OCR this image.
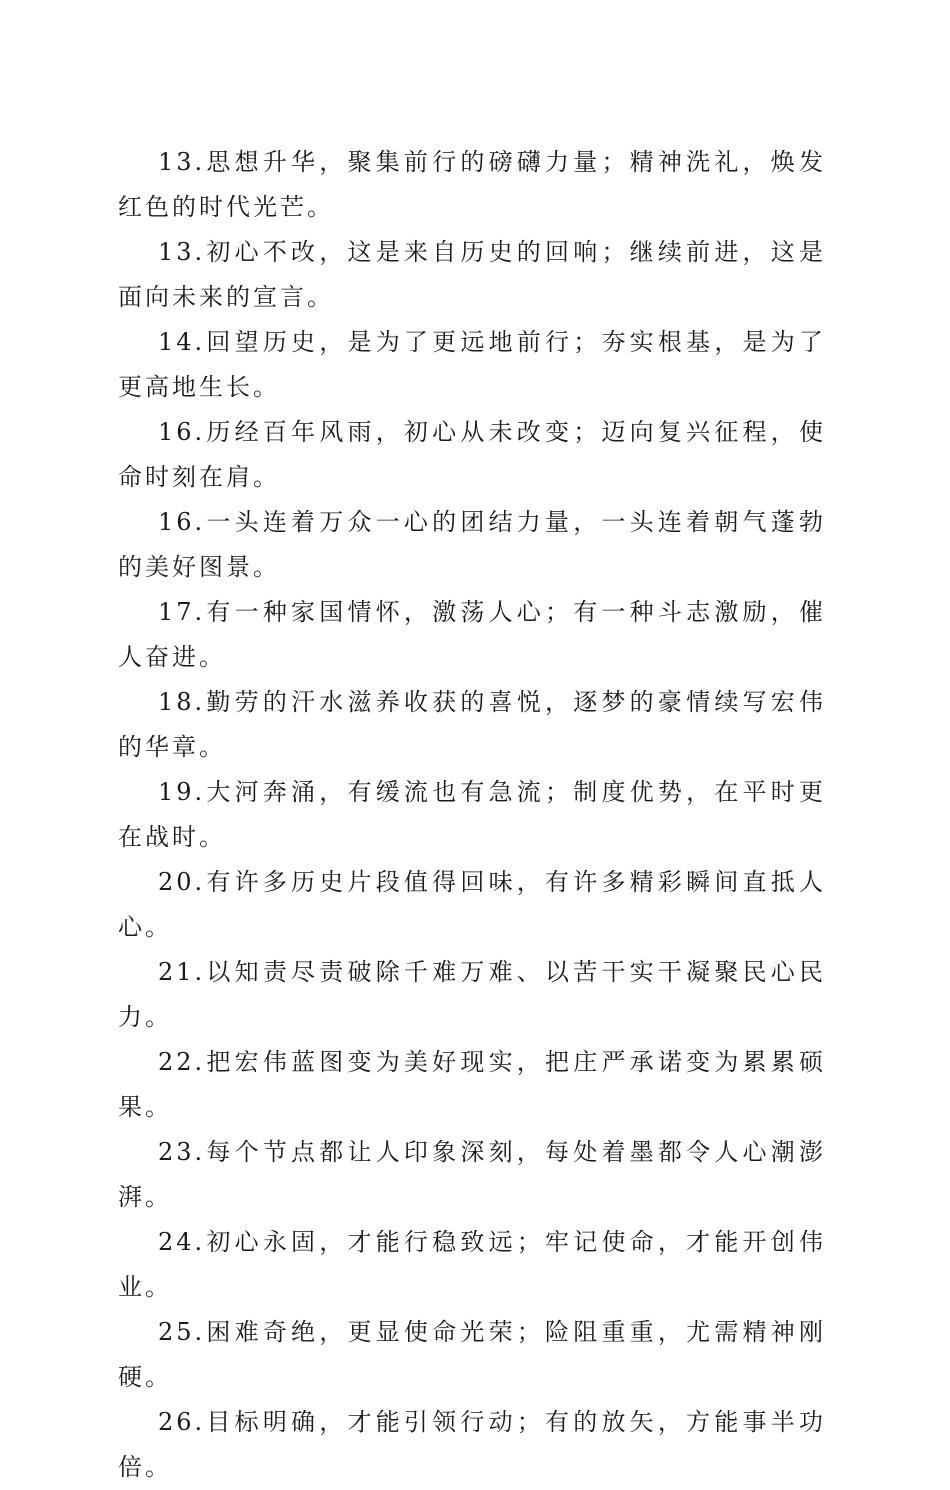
13.思想升华，聚集前行的磅礴力量；精神洗礼，焕发红色的时代光芒。

13.初心不改，这是来自历史的回响；继续前进，这是面向未来的宣言。

14.回望历史，是为了更远地前行；夯实根基，是为了更高地生长。

16.历经百年风雨，初心从未改变；迈向复兴征程，使命时刻在肩。

16.一头连着万众一心的团结力量，一头连着朝气蓬勃的美好图景。

17.有一种家国情怀，激荡人心；有一种斗志激励，催人奋进。

18.勤劳的汗水滋养收获的喜悦，逐梦的豪情续写宏伟的华章。

19.大河奔涌，有缓流也有急流；制度优势，在平时更在战时。

20.有许多历史片段值得回味，有许多精彩瞬间直抵人心。

21.以知责尽责破除千难万难、以苦干实干凝聚民心民力。

22.把宏伟蓝图变为美好现实，把庄严承诺变为累累硕果。

23.每个节点都让人印象深刻，每处着墨都令人心潮澎湃。

24.初心永固，才能行稳致远；牢记使命，才能开创伟业。

25.困难奇绝，更显使命光荣；险阻重重，尤需精神刚硬。

26.目标明确，才能引领行动；有的放矢，方能事半功倍。
